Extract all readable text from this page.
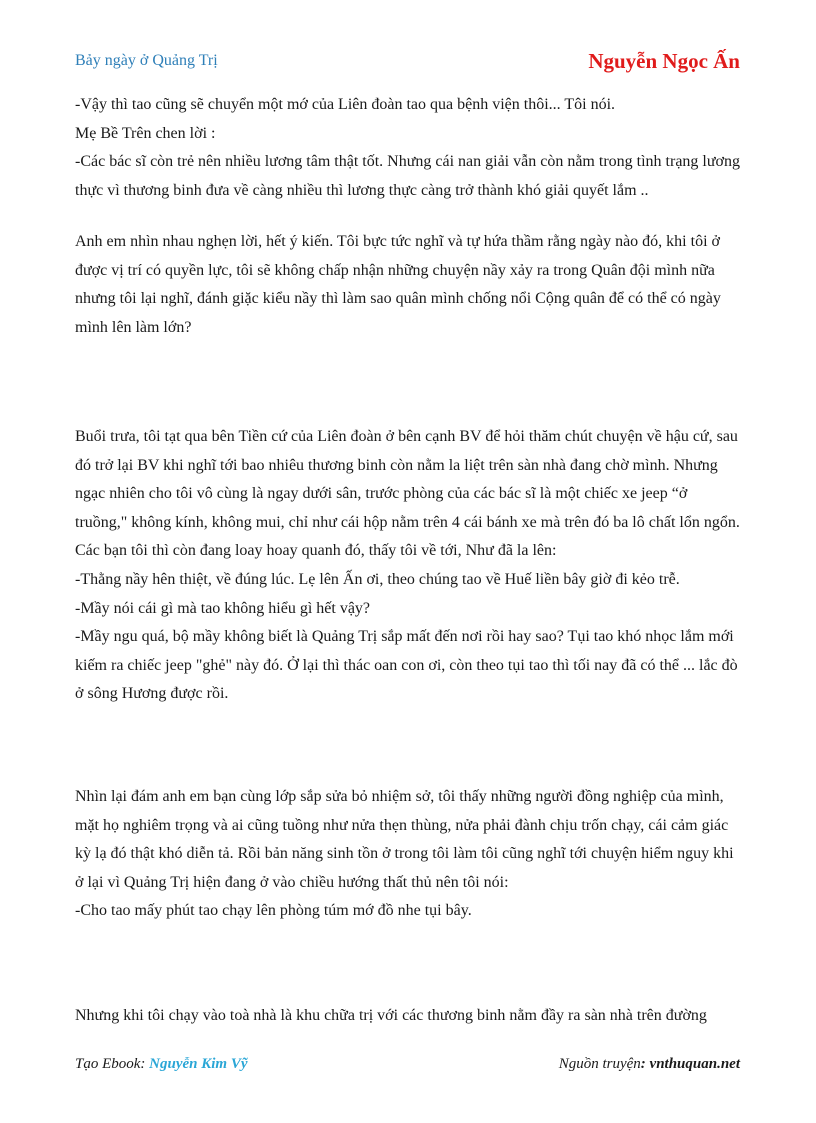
Bảy ngày ở Quảng Trị	Nguyễn Ngọc Ấn

-Vậy thì tao cũng sẽ chuyển một mớ của Liên đoàn tao qua bệnh viện thôi... Tôi nói.

Mẹ Bề Trên chen lời :

-Các bác sĩ còn trẻ nên nhiều lương tâm thật tốt. Nhưng cái nan giải vẫn còn nằm trong tình trạng lương thực vì thương binh đưa về càng nhiều thì lương thực càng trở thành khó giải quyết lắm ..

Anh em nhìn nhau nghẹn lời, hết ý kiến. Tôi bực tức nghĩ và tự hứa thầm rằng ngày nào đó, khi tôi ở được vị trí có quyền lực, tôi sẽ không chấp nhận những chuyện nầy xảy ra trong Quân đội mình nữa nhưng tôi lại nghĩ, đánh giặc kiểu nầy thì làm sao quân mình chống nổi Cộng quân để có thể có ngày mình lên làm lớn?

Buổi trưa, tôi tạt qua bên Tiền cứ của Liên đoàn ở bên cạnh BV để hỏi thăm chút chuyện về hậu cứ, sau đó trở lại BV khi nghĩ tới bao nhiêu thương binh còn nằm la liệt trên sàn nhà đang chờ mình. Nhưng ngạc nhiên cho tôi vô cùng là ngay dưới sân, trước phòng của các bác sĩ là một chiếc xe jeep “ở truồng," không kính, không mui, chỉ như cái hộp nằm trên 4 cái bánh xe mà trên đó ba lô chất lổn ngổn. Các bạn tôi thì còn đang loay hoay quanh đó, thấy tôi về tới, Như đã la lên:

-Thằng nầy hên thiệt, về đúng lúc. Lẹ lên Ấn ơi, theo chúng tao về Huế liền bây giờ đi kẻo trễ.

-Mầy nói cái gì mà tao không hiểu gì hết vậy?

-Mầy ngu quá, bộ mầy không biết là Quảng Trị sắp mất đến nơi rồi hay sao? Tụi tao khó nhọc lắm mới kiếm ra chiếc jeep "ghẻ" này đó. Ở lại thì thác oan con ơi, còn theo tụi tao thì tối nay đã có thể ... lắc đò ở sông Hương được rồi.

Nhìn lại đám anh em bạn cùng lớp sắp sửa bỏ nhiệm sở, tôi thấy những người đồng nghiệp của mình, mặt họ nghiêm trọng và ai cũng tuồng như nửa thẹn thùng, nửa phải đành chịu trốn chạy, cái cảm giác kỳ lạ đó thật khó diễn tả. Rồi bản năng sinh tồn ở trong tôi làm tôi cũng nghĩ tới chuyện hiểm nguy khi ở lại vì Quảng Trị hiện đang ở vào chiều hướng thất thủ nên tôi nói:

-Cho tao mấy phút tao chạy lên phòng túm mớ đồ nhe tụi bây.

Nhưng khi tôi chạy vào toà nhà là khu chữa trị với các thương binh nằm đầy ra sàn nhà trên đường

Tạo Ebook: Nguyễn Kim Vỹ	Nguồn truyện: vnthuquan.net
